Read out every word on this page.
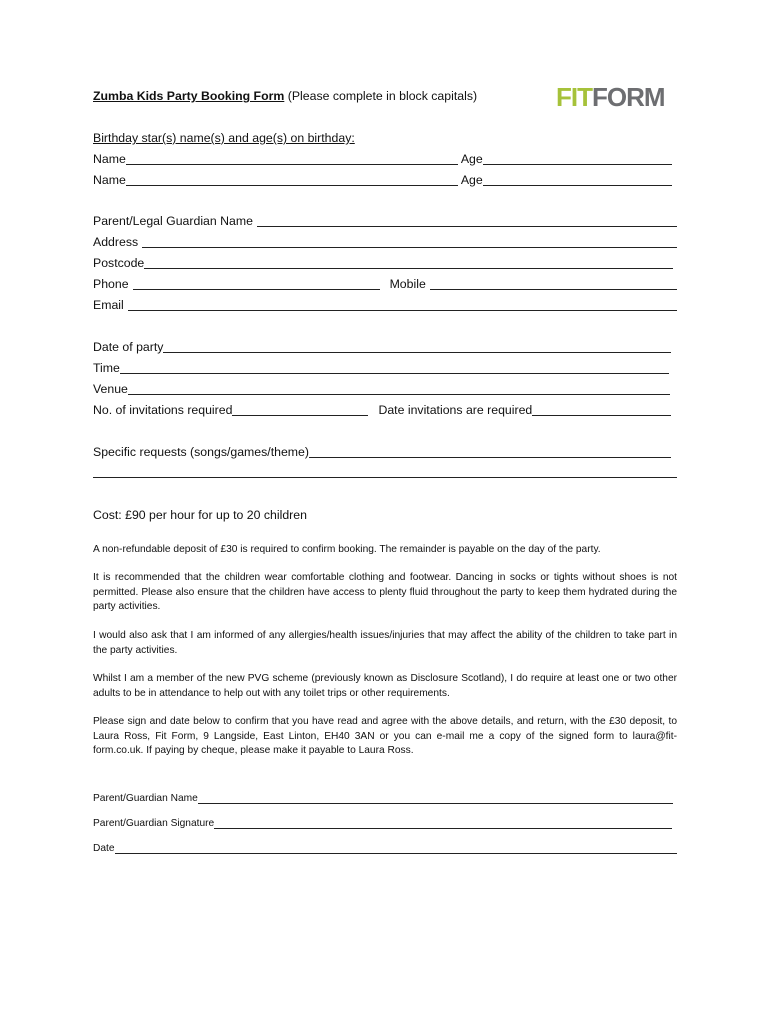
Zumba Kids Party Booking Form (Please complete in block capitals)	FIT FORM
Birthday star(s) name(s) and age(s) on birthday:
Name	Age
Name	Age
Parent/Legal Guardian Name
Address
Postcode
Phone	Mobile
Email
Date of party
Time
Venue
No. of invitations required	Date invitations are required
Specific requests (songs/games/theme)
Cost: £90 per hour for up to 20 children
A non-refundable deposit of £30 is required to confirm booking. The remainder is payable on the day of the party.
It is recommended that the children wear comfortable clothing and footwear. Dancing in socks or tights without shoes is not permitted. Please also ensure that the children have access to plenty fluid throughout the party to keep them hydrated during the party activities.
I would also ask that I am informed of any allergies/health issues/injuries that may affect the ability of the children to take part in the party activities.
Whilst I am a member of the new PVG scheme (previously known as Disclosure Scotland), I do require at least one or two other adults to be in attendance to help out with any toilet trips or other requirements.
Please sign and date below to confirm that you have read and agree with the above details, and return, with the £30 deposit, to Laura Ross, Fit Form, 9 Langside, East Linton, EH40 3AN or you can e-mail me a copy of the signed form to laura@fit-form.co.uk. If paying by cheque, please make it payable to Laura Ross.
Parent/Guardian Name
Parent/Guardian Signature
Date
